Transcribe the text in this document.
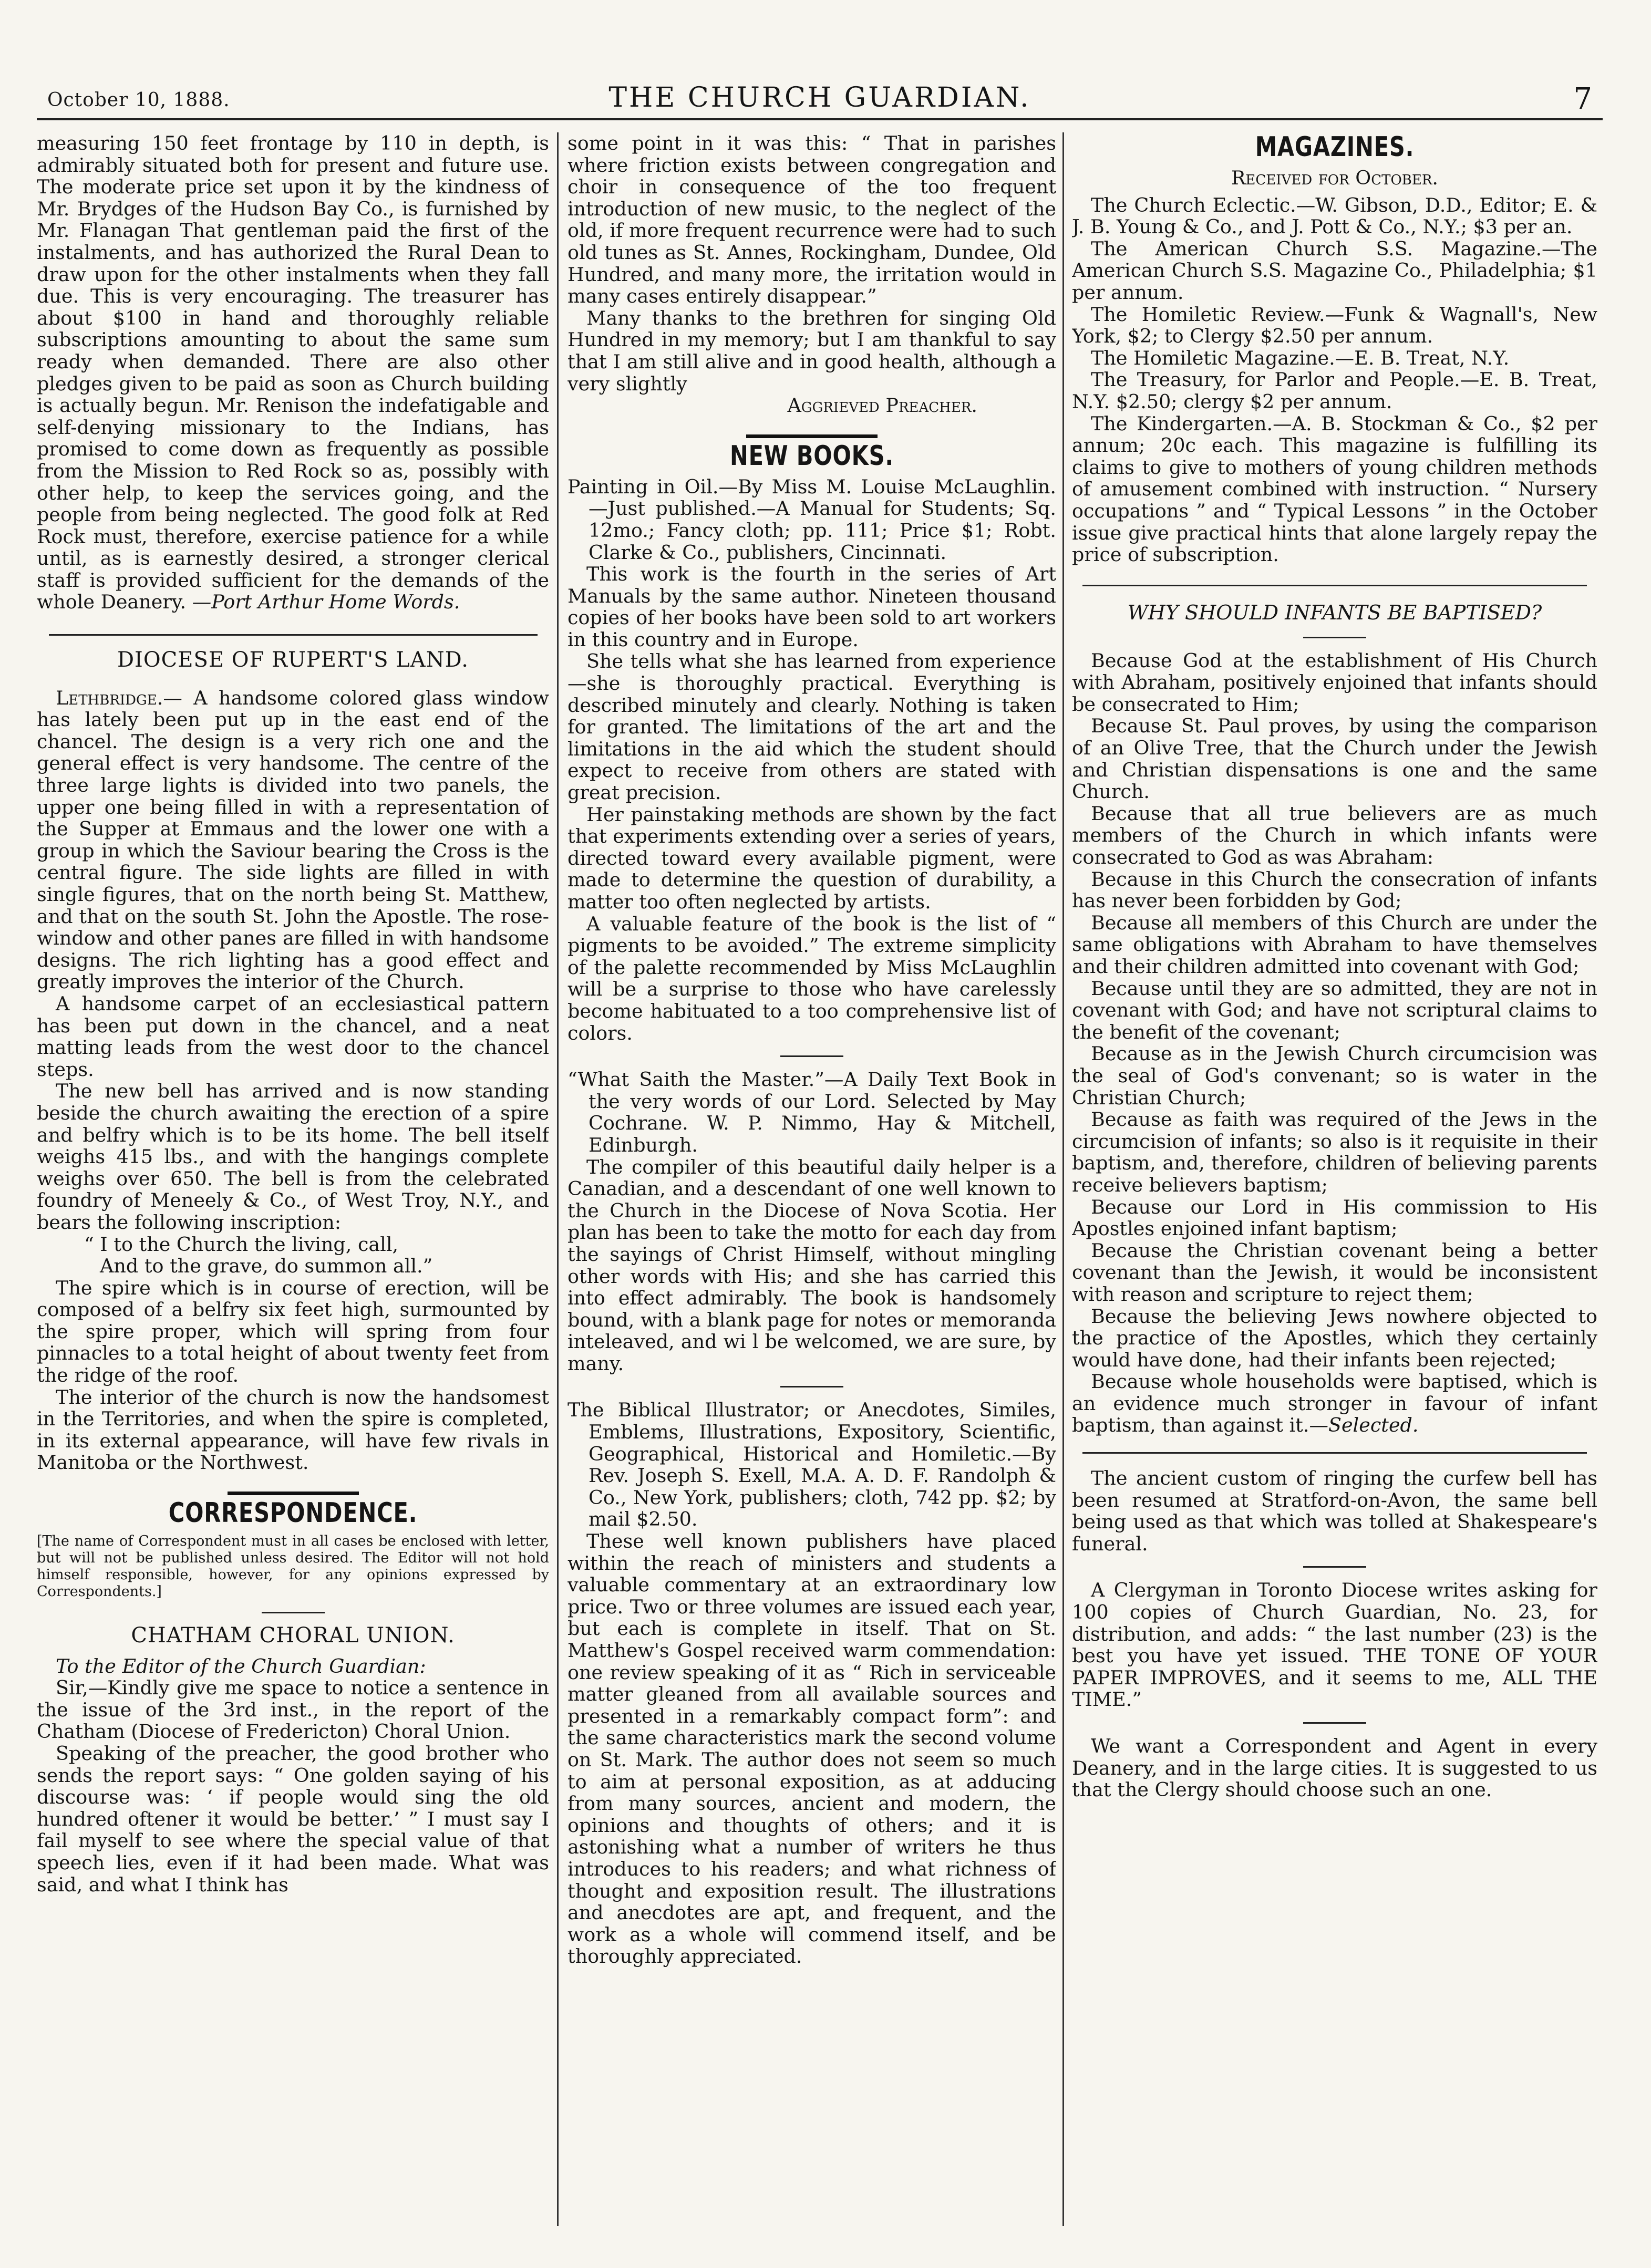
October 10, 1888.	THE CHURCH GUARDIAN.	7

measuring 150 feet frontage by 110 in depth, is admirably situated both for present and future use. The moderate price set upon it by the kindness of Mr. Brydges of the Hudson Bay Co., is furnished by Mr. Flanagan That gentleman paid the first of the instalments, and has authorized the Rural Dean to draw upon for the other instalments when they fall due. This is very encouraging. The treasurer has about $100 in hand and thoroughly reliable subscriptions amounting to about the same sum ready when demanded. There are also other pledges given to be paid as soon as Church building is actually begun. Mr. Renison the indefatigable and self-denying missionary to the Indians, has promised to come down as frequently as possible from the Mission to Red Rock so as, possibly with other help, to keep the services going, and the people from being neglected. The good folk at Red Rock must, therefore, exercise patience for a while until, as is earnestly desired, a stronger clerical staff is provided sufficient for the demands of the whole Deanery. —Port Arthur Home Words.

DIOCESE OF RUPERT'S LAND.

Lethbridge.— A handsome colored glass window has lately been put up in the east end of the chancel. The design is a very rich one and the general effect is very handsome. The centre of the three large lights is divided into two panels, the upper one being filled in with a representation of the Supper at Emmaus and the lower one with a group in which the Saviour bearing the Cross is the central figure. The side lights are filled in with single figures, that on the north being St. Matthew, and that on the south St. John the Apostle. The rose-window and other panes are filled in with handsome designs. The rich lighting has a good effect and greatly improves the interior of the Church.

A handsome carpet of an ecclesiastical pattern has been put down in the chancel, and a neat matting leads from the west door to the chancel steps.

The new bell has arrived and is now standing beside the church awaiting the erection of a spire and belfry which is to be its home. The bell itself weighs 415 lbs., and with the hangings complete weighs over 650. The bell is from the celebrated foundry of Meneely & Co., of West Troy, N.Y., and bears the following inscription:

“ I to the Church the living, call,

And to the grave, do summon all.”

The spire which is in course of erection, will be composed of a belfry six feet high, surmounted by the spire proper, which will spring from four pinnacles to a total height of about twenty feet from the ridge of the roof.

The interior of the church is now the handsomest in the Territories, and when the spire is completed, in its external appearance, will have few rivals in Manitoba or the Northwest.

CORRESPONDENCE.

[The name of Correspondent must in all cases be enclosed with letter, but will not be published unless desired. The Editor will not hold himself responsible, however, for any opinions expressed by Correspondents.]

CHATHAM CHORAL UNION.

To the Editor of the Church Guardian:

Sir,—Kindly give me space to notice a sentence in the issue of the 3rd inst., in the report of the Chatham (Diocese of Fredericton) Choral Union.

Speaking of the preacher, the good brother who sends the report says: “ One golden saying of his discourse was: ‘ if people would sing the old hundred oftener it would be better.’ ” I must say I fail myself to see where the special value of that speech lies, even if it had been made. What was said, and what I think has

some point in it was this: “ That in parishes where friction exists between congregation and choir in consequence of the too frequent introduction of new music, to the neglect of the old, if more frequent recurrence were had to such old tunes as St. Annes, Rockingham, Dundee, Old Hundred, and many more, the irritation would in many cases entirely disappear.”

Many thanks to the brethren for singing Old Hundred in my memory; but I am thankful to say that I am still alive and in good health, although a very slightly

Aggrieved Preacher.

NEW BOOKS.

Painting in Oil.—By Miss M. Louise McLaughlin.—Just published.—A Manual for Students; Sq. 12mo.; Fancy cloth; pp. 111; Price $1; Robt. Clarke & Co., publishers, Cincinnati.

This work is the fourth in the series of Art Manuals by the same author. Nineteen thousand copies of her books have been sold to art workers in this country and in Europe.

She tells what she has learned from experience—she is thoroughly practical. Everything is described minutely and clearly. Nothing is taken for granted. The limitations of the art and the limitations in the aid which the student should expect to receive from others are stated with great precision.

Her painstaking methods are shown by the fact that experiments extending over a series of years, directed toward every available pigment, were made to determine the question of durability, a matter too often neglected by artists.

A valuable feature of the book is the list of “ pigments to be avoided.” The extreme simplicity of the palette recommended by Miss McLaughlin will be a surprise to those who have carelessly become habituated to a too comprehensive list of colors.

“What Saith the Master.”—A Daily Text Book in the very words of our Lord. Selected by May Cochrane. W. P. Nimmo, Hay & Mitchell, Edinburgh.

The compiler of this beautiful daily helper is a Canadian, and a descendant of one well known to the Church in the Diocese of Nova Scotia. Her plan has been to take the motto for each day from the sayings of Christ Himself, without mingling other words with His; and she has carried this into effect admirably. The book is handsomely bound, with a blank page for notes or memoranda inteleaved, and wi l be welcomed, we are sure, by many.

The Biblical Illustrator; or Anecdotes, Similes, Emblems, Illustrations, Expository, Scientific, Geographical, Historical and Homiletic.—By Rev. Joseph S. Exell, M.A. A. D. F. Randolph & Co., New York, publishers; cloth, 742 pp. $2; by mail $2.50.

These well known publishers have placed within the reach of ministers and students a valuable commentary at an extraordinary low price. Two or three volumes are issued each year, but each is complete in itself. That on St. Matthew's Gospel received warm commendation: one review speaking of it as “ Rich in serviceable matter gleaned from all available sources and presented in a remarkably compact form”: and the same characteristics mark the second volume on St. Mark. The author does not seem so much to aim at personal exposition, as at adducing from many sources, ancient and modern, the opinions and thoughts of others; and it is astonishing what a number of writers he thus introduces to his readers; and what richness of thought and exposition result. The illustrations and anecdotes are apt, and frequent, and the work as a whole will commend itself, and be thoroughly appreciated.

MAGAZINES.

Received for October.

The Church Eclectic.—W. Gibson, D.D., Editor; E. & J. B. Young & Co., and J. Pott & Co., N.Y.; $3 per an.

The American Church S.S. Magazine.—The American Church S.S. Magazine Co., Philadelphia; $1 per annum.

The Homiletic Review.—Funk & Wagnall's, New York, $2; to Clergy $2.50 per annum.

The Homiletic Magazine.—E. B. Treat, N.Y.

The Treasury, for Parlor and People.—E. B. Treat, N.Y. $2.50; clergy $2 per annum.

The Kindergarten.—A. B. Stockman & Co., $2 per annum; 20c each. This magazine is fulfilling its claims to give to mothers of young children methods of amusement combined with instruction. “ Nursery occupations ” and “ Typical Lessons ” in the October issue give practical hints that alone largely repay the price of subscription.

WHY SHOULD INFANTS BE BAPTISED?

Because God at the establishment of His Church with Abraham, positively enjoined that infants should be consecrated to Him;

Because St. Paul proves, by using the comparison of an Olive Tree, that the Church under the Jewish and Christian dispensations is one and the same Church.

Because that all true believers are as much members of the Church in which infants were consecrated to God as was Abraham:

Because in this Church the consecration of infants has never been forbidden by God;

Because all members of this Church are under the same obligations with Abraham to have themselves and their children admitted into covenant with God;

Because until they are so admitted, they are not in covenant with God; and have not scriptural claims to the benefit of the covenant;

Because as in the Jewish Church circumcision was the seal of God's convenant; so is water in the Christian Church;

Because as faith was required of the Jews in the circumcision of infants; so also is it requisite in their baptism, and, therefore, children of believing parents receive believers baptism;

Because our Lord in His commission to His Apostles enjoined infant baptism;

Because the Christian covenant being a better covenant than the Jewish, it would be inconsistent with reason and scripture to reject them;

Because the believing Jews nowhere objected to the practice of the Apostles, which they certainly would have done, had their infants been rejected;

Because whole households were baptised, which is an evidence much stronger in favour of infant baptism, than against it.—Selected.

The ancient custom of ringing the curfew bell has been resumed at Stratford-on-Avon, the same bell being used as that which was tolled at Shakespeare's funeral.

A Clergyman in Toronto Diocese writes asking for 100 copies of Church Guardian, No. 23, for distribution, and adds: “ the last number (23) is the best you have yet issued. THE TONE OF YOUR PAPER IMPROVES, and it seems to me, ALL THE TIME.”

We want a Correspondent and Agent in every Deanery, and in the large cities. It is suggested to us that the Clergy should choose such an one.
